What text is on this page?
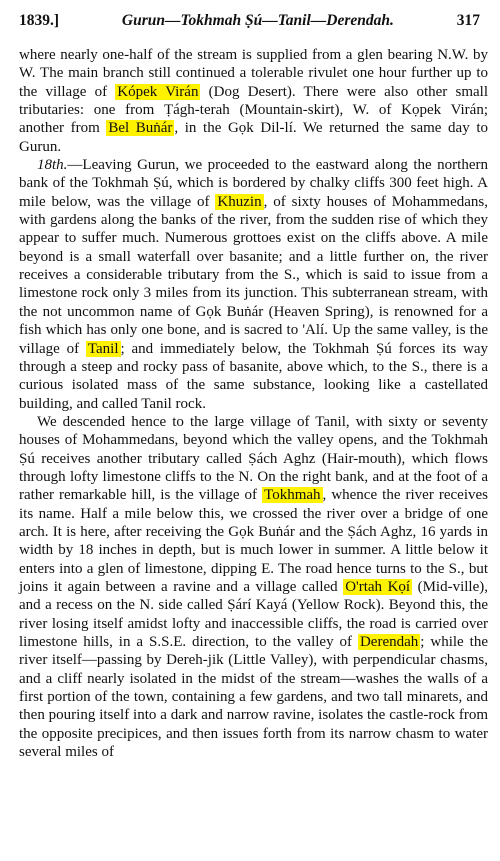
1839.]	Gurun—Tokhmah Ṣú—Tanil—Derendah.	317

where nearly one-half of the stream is supplied from a glen bearing N.W. by W. The main branch still continued a tolerable rivulet one hour further up to the village of Kópek Virán (Dog Desert). There were also other small tributaries: one from Ṭágh-terah (Mountain-skirt), W. of Kọpek Virán; another from Bel Buṅár , in the Gọk Dil-lí. We returned the same day to Gurun.

18th.—Leaving Gurun, we proceeded to the eastward along the northern bank of the Tokhmah Ṣú, which is bordered by chalky cliffs 300 feet high. A mile below, was the village of Khuzin , of sixty houses of Mohammedans, with gardens along the banks of the river, from the sudden rise of which they appear to suffer much. Numerous grottoes exist on the cliffs above. A mile beyond is a small waterfall over basanite; and a little further on, the river receives a considerable tributary from the S., which is said to issue from a limestone rock only 3 miles from its junction. This subterranean stream, with the not uncommon name of Gọk Buṅár (Heaven Spring), is renowned for a fish which has only one bone, and is sacred to 'Alí. Up the same valley, is the village of Tanil ; and immediately below, the Tokhmah Ṣú forces its way through a steep and rocky pass of basanite, above which, to the S., there is a curious isolated mass of the same substance, looking like a castellated building, and called Tanil rock.

We descended hence to the large village of Tanil, with sixty or seventy houses of Mohammedans, beyond which the valley opens, and the Tokhmah Ṣú receives another tributary called Ṣách Aghz (Hair-mouth), which flows through lofty limestone cliffs to the N. On the right bank, and at the foot of a rather remarkable hill, is the village of Tokhmah , whence the river receives its name. Half a mile below this, we crossed the river over a bridge of one arch. It is here, after receiving the Gọk Buṅár and the Ṣách Aghz, 16 yards in width by 18 inches in depth, but is much lower in summer. A little below it enters into a glen of limestone, dipping E. The road hence turns to the S., but joins it again between a ravine and a village called O'rtah Kọí (Mid-ville), and a recess on the N. side called Ṣárí Kayá (Yellow Rock). Beyond this, the river losing itself amidst lofty and inaccessible cliffs, the road is carried over limestone hills, in a S.S.E. direction, to the valley of Derendah ; while the river itself—passing by Dereh-jik (Little Valley), with perpendicular chasms, and a cliff nearly isolated in the midst of the stream—washes the walls of a first portion of the town, containing a few gardens, and two tall minarets, and then pouring itself into a dark and narrow ravine, isolates the castle-rock from the opposite precipices, and then issues forth from its narrow chasm to water several miles of
